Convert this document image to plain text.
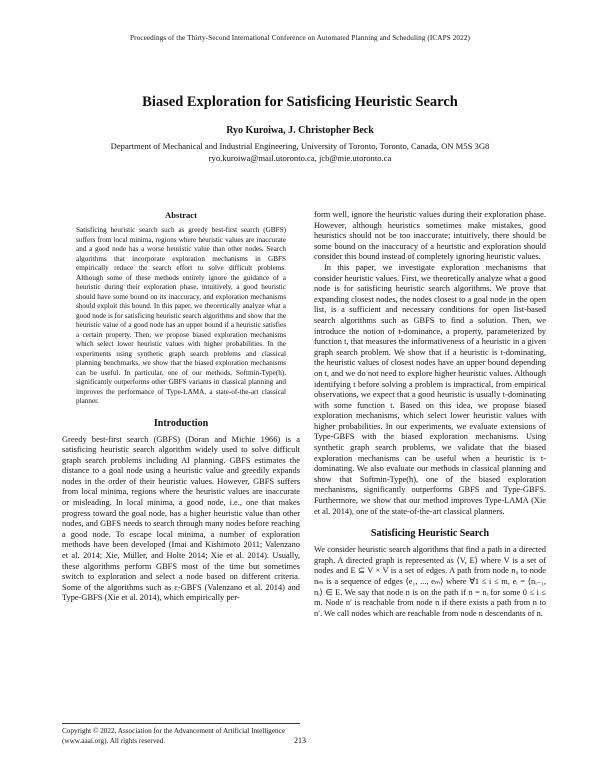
Proceedings of the Thirty-Second International Conference on Automated Planning and Scheduling (ICAPS 2022)
Biased Exploration for Satisficing Heuristic Search
Ryo Kuroiwa, J. Christopher Beck
Department of Mechanical and Industrial Engineering, University of Toronto, Toronto, Canada, ON M5S 3G8
ryo.kuroiwa@mail.utoronto.ca, jcb@mie.utoronto.ca

Abstract

Satisficing heuristic search such as greedy best-first search (GBFS) suffers from local minima, regions where heuristic values are inaccurate and a good node has a worse heuristic value than other nodes. Search algorithms that incorporate exploration mechanisms in GBFS empirically reduce the search effort to solve difficult problems. Although some of these methods entirely ignore the guidance of a heuristic during their exploration phase, intuitively, a good heuristic should have some bound on its inaccuracy, and exploration mechanisms should exploit this bound. In this paper, we theoretically analyze what a good node is for satisficing heuristic search algorithms and show that the heuristic value of a good node has an upper bound if a heuristic satisfies a certain property. Then, we propose biased exploration mechanisms which select lower heuristic values with higher probabilities. In the experiments using synthetic graph search problems and classical planning benchmarks, we show that the biased exploration mechanisms can be useful. In particular, one of our methods, Softmin-Type(h), significantly outperforms other GBFS variants in classical planning and improves the performance of Type-LAMA, a state-of-the-art classical planner.

Introduction

Greedy best-first search (GBFS) (Doran and Michie 1966) is a satisficing heuristic search algorithm widely used to solve difficult graph search problems including AI planning. GBFS estimates the distance to a goal node using a heuristic value and greedily expands nodes in the order of their heuristic values. However, GBFS suffers from local minima, regions where the heuristic values are inaccurate or misleading. In local minima, a good node, i.e., one that makes progress toward the goal node, has a higher heuristic value than other nodes, and GBFS needs to search through many nodes before reaching a good node. To escape local minima, a number of exploration methods have been developed (Imai and Kishimoto 2011; Valenzano et al. 2014; Xie, Müller, and Holte 2014; Xie et al. 2014). Usually, these algorithms perform GBFS most of the time but sometimes switch to exploration and select a node based on different criteria. Some of the algorithms such as ε-GBFS (Valenzano et al. 2014) and Type-GBFS (Xie et al. 2014), which empirically per-

form well, ignore the heuristic values during their exploration phase. However, although heuristics sometimes make mistakes, good heuristics should not be too inaccurate; intuitively, there should be some bound on the inaccuracy of a heuristic and exploration should consider this bound instead of completely ignoring heuristic values.

In this paper, we investigate exploration mechanisms that consider heuristic values. First, we theoretically analyze what a good node is for satisficing heuristic search algorithms. We prove that expanding closest nodes, the nodes closest to a goal node in the open list, is a sufficient and necessary conditions for open list-based search algorithms such as GBFS to find a solution. Then, we introduce the notion of t-dominance, a property, parameterized by function t, that measures the informativeness of a heuristic in a given graph search problem. We show that if a heuristic is t-dominating, the heuristic values of closest nodes have an upper bound depending on t, and we do not need to explore higher heuristic values. Although identifying t before solving a problem is impractical, from empirical observations, we expect that a good heuristic is usually t-dominating with some function t. Based on this idea, we propose biased exploration mechanisms, which select lower heuristic values with higher probabilities. In our experiments, we evaluate extensions of Type-GBFS with the biased exploration mechanisms. Using synthetic graph search problems, we validate that the biased exploration mechanisms can be useful when a heuristic is t-dominating. We also evaluate our methods in classical planning and show that Softmin-Type(h), one of the biased exploration mechanisms, significantly outperforms GBFS and Type-GBFS. Furthermore, we show that our method improves Type-LAMA (Xie et al. 2014), one of the state-of-the-art classical planners.

Satisficing Heuristic Search

We consider heuristic search algorithms that find a path in a directed graph. A directed graph is represented as ⟨V, E⟩ where V is a set of nodes and E ⊆ V × V is a set of edges. A path from node n₀ to node nₘ is a sequence of edges ⟨e₁, ..., eₘ⟩ where ∀1 ≤ i ≤ m, eᵢ = ⟨nᵢ₋₁, nᵢ⟩ ∈ E. We say that node n is on the path if n = nᵢ for some 0 ≤ i ≤ m. Node n′ is reachable from node n if there exists a path from n to n′. We call nodes which are reachable from node n descendants of n.

Copyright © 2022, Association for the Advancement of Artificial Intelligence (www.aaai.org). All rights reserved.	213
